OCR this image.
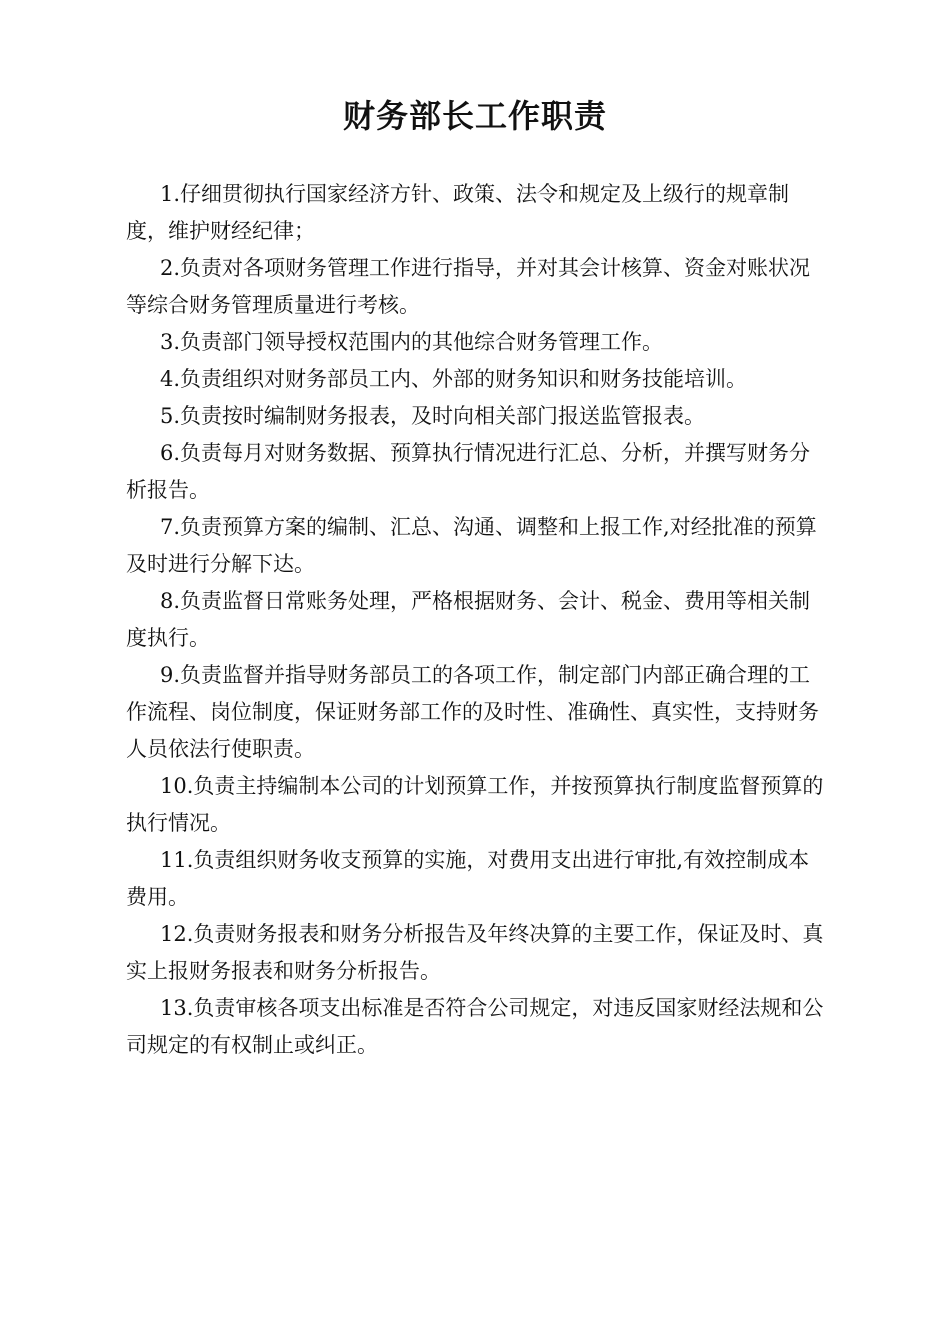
财务部长工作职责
1.仔细贯彻执行国家经济方针、政策、法令和规定及上级行的规章制度，维护财经纪律；
2.负责对各项财务管理工作进行指导，并对其会计核算、资金对账状况等综合财务管理质量进行考核。
3.负责部门领导授权范围内的其他综合财务管理工作。
4.负责组织对财务部员工内、外部的财务知识和财务技能培训。
5.负责按时编制财务报表，及时向相关部门报送监管报表。
6.负责每月对财务数据、预算执行情况进行汇总、分析，并撰写财务分析报告。
7.负责预算方案的编制、汇总、沟通、调整和上报工作,对经批准的预算及时进行分解下达。
8.负责监督日常账务处理，严格根据财务、会计、税金、费用等相关制度执行。
9.负责监督并指导财务部员工的各项工作，制定部门内部正确合理的工作流程、岗位制度，保证财务部工作的及时性、准确性、真实性，支持财务人员依法行使职责。
10.负责主持编制本公司的计划预算工作，并按预算执行制度监督预算的执行情况。
11.负责组织财务收支预算的实施，对费用支出进行审批,有效控制成本费用。
12.负责财务报表和财务分析报告及年终决算的主要工作，保证及时、真实上报财务报表和财务分析报告。
13.负责审核各项支出标准是否符合公司规定，对违反国家财经法规和公司规定的有权制止或纠正。
